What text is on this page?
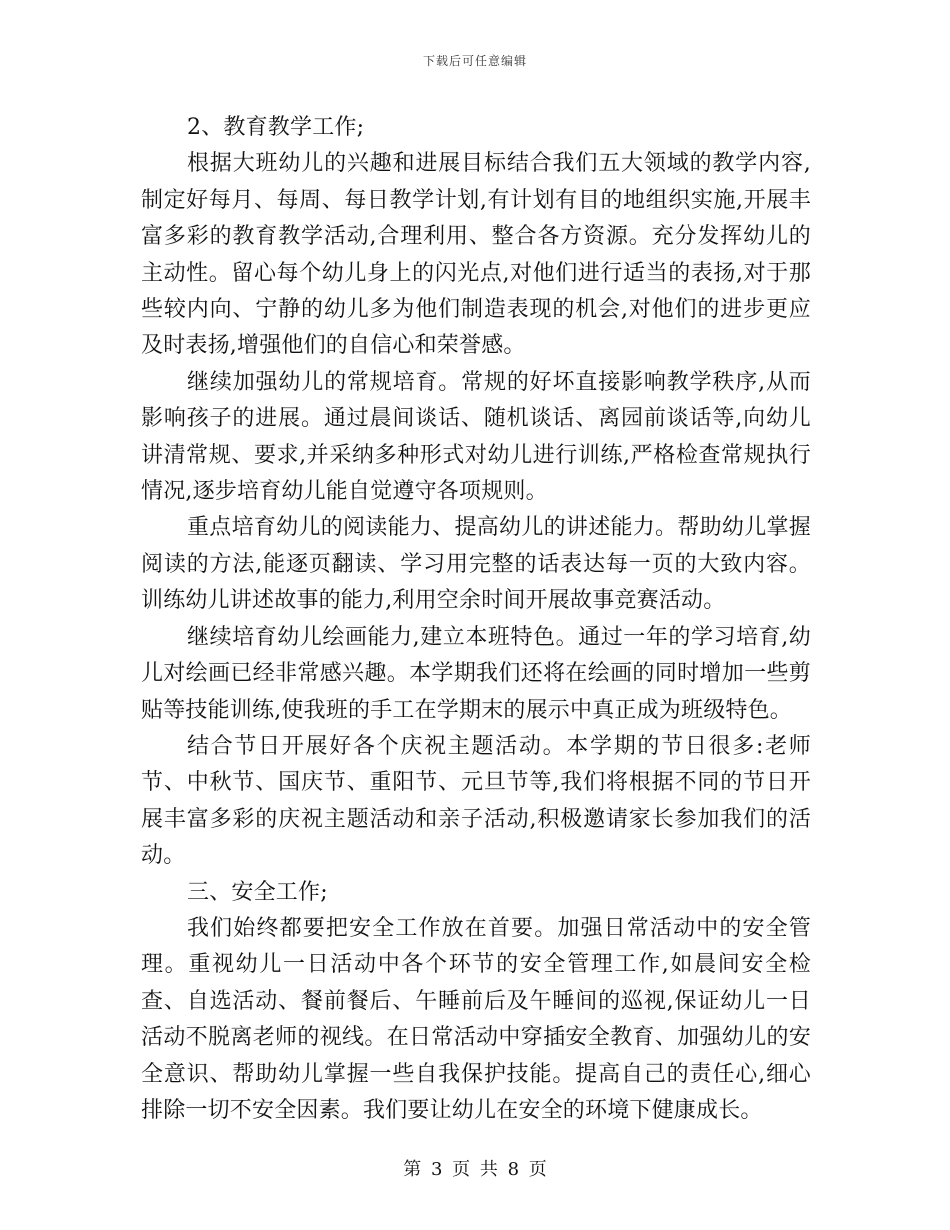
下载后可任意编辑

2、教育教学工作;

根据大班幼儿的兴趣和进展目标结合我们五大领域的教学内容,制定好每月、每周、每日教学计划,有计划有目的地组织实施,开展丰富多彩的教育教学活动,合理利用、整合各方资源。充分发挥幼儿的主动性。留心每个幼儿身上的闪光点,对他们进行适当的表扬,对于那些较内向、宁静的幼儿多为他们制造表现的机会,对他们的进步更应及时表扬,增强他们的自信心和荣誉感。

继续加强幼儿的常规培育。常规的好坏直接影响教学秩序,从而影响孩子的进展。通过晨间谈话、随机谈话、离园前谈话等,向幼儿讲清常规、要求,并采纳多种形式对幼儿进行训练,严格检查常规执行情况,逐步培育幼儿能自觉遵守各项规则。

重点培育幼儿的阅读能力、提高幼儿的讲述能力。帮助幼儿掌握阅读的方法,能逐页翻读、学习用完整的话表达每一页的大致内容。训练幼儿讲述故事的能力,利用空余时间开展故事竞赛活动。

继续培育幼儿绘画能力,建立本班特色。通过一年的学习培育,幼儿对绘画已经非常感兴趣。本学期我们还将在绘画的同时增加一些剪贴等技能训练,使我班的手工在学期末的展示中真正成为班级特色。

结合节日开展好各个庆祝主题活动。本学期的节日很多:老师节、中秋节、国庆节、重阳节、元旦节等,我们将根据不同的节日开展丰富多彩的庆祝主题活动和亲子活动,积极邀请家长参加我们的活动。

三、安全工作;

我们始终都要把安全工作放在首要。加强日常活动中的安全管理。重视幼儿一日活动中各个环节的安全管理工作,如晨间安全检查、自选活动、餐前餐后、午睡前后及午睡间的巡视,保证幼儿一日活动不脱离老师的视线。在日常活动中穿插安全教育、加强幼儿的安全意识、帮助幼儿掌握一些自我保护技能。提高自己的责任心,细心排除一切不安全因素。我们要让幼儿在安全的环境下健康成长。

第 3 页 共 8 页
